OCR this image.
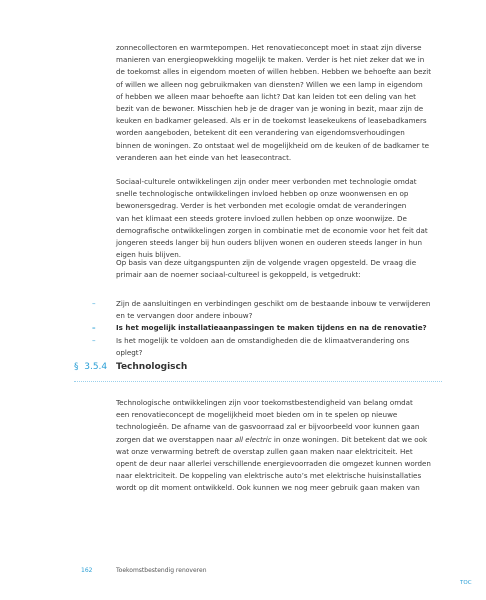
zonnecollectoren en warmtepompen. Het renovatieconcept moet in staat zijn diverse
manieren van energieopwekking mogelijk te maken. Verder is het niet zeker dat we in
de toekomst alles in eigendom moeten of willen hebben. Hebben we behoefte aan bezit
of willen we alleen nog gebruikmaken van diensten? Willen we een lamp in eigendom
of hebben we alleen maar behoefte aan licht? Dat kan leiden tot een deling van het
bezit van de bewoner. Misschien heb je de drager van je woning in bezit, maar zijn de
keuken en badkamer geleased. Als er in de toekomst leasekeukens of leasebadkamers
worden aangeboden, betekent dit een verandering van eigendomsverhoudingen
binnen de woningen. Zo ontstaat wel de mogelijkheid om de keuken of de badkamer te
veranderen aan het einde van het leasecontract.

Sociaal-culturele ontwikkelingen zijn onder meer verbonden met technologie omdat
snelle technologische ontwikkelingen invloed hebben op onze woonwensen en op
bewonersgedrag. Verder is het verbonden met ecologie omdat de veranderingen
van het klimaat een steeds grotere invloed zullen hebben op onze woonwijze. De
demografische ontwikkelingen zorgen in combinatie met de economie voor het feit dat
jongeren steeds langer bij hun ouders blijven wonen en ouderen steeds langer in hun
eigen huis blijven.

Op basis van deze uitgangspunten zijn de volgende vragen opgesteld. De vraag die
primair aan de noemer sociaal-cultureel is gekoppeld, is vetgedrukt:

–	Zijn de aansluitingen en verbindingen geschikt om de bestaande inbouw te verwijderen
en te vervangen door andere inbouw?
–	Is het mogelijk installatieaanpassingen te maken tijdens en na de renovatie?
–	Is het mogelijk te voldoen aan de omstandigheden die de klimaatverandering ons
oplegt?
§ 3.5.4 Technologisch

Technologische ontwikkelingen zijn voor toekomstbestendigheid van belang omdat
een renovatieconcept de mogelijkheid moet bieden om in te spelen op nieuwe
technologieën. De afname van de gasvoorraad zal er bijvoorbeeld voor kunnen gaan
zorgen dat we overstappen naar all electric in onze woningen. Dit betekent dat we ook
wat onze verwarming betreft de overstap zullen gaan maken naar elektriciteit. Het
opent de deur naar allerlei verschillende energievoorraden die omgezet kunnen worden
naar elektriciteit. De koppeling van elektrische auto’s met elektrische huisinstallaties
wordt op dit moment ontwikkeld. Ook kunnen we nog meer gebruik gaan maken van

162	Toekomstbestendig renoveren
TOC
